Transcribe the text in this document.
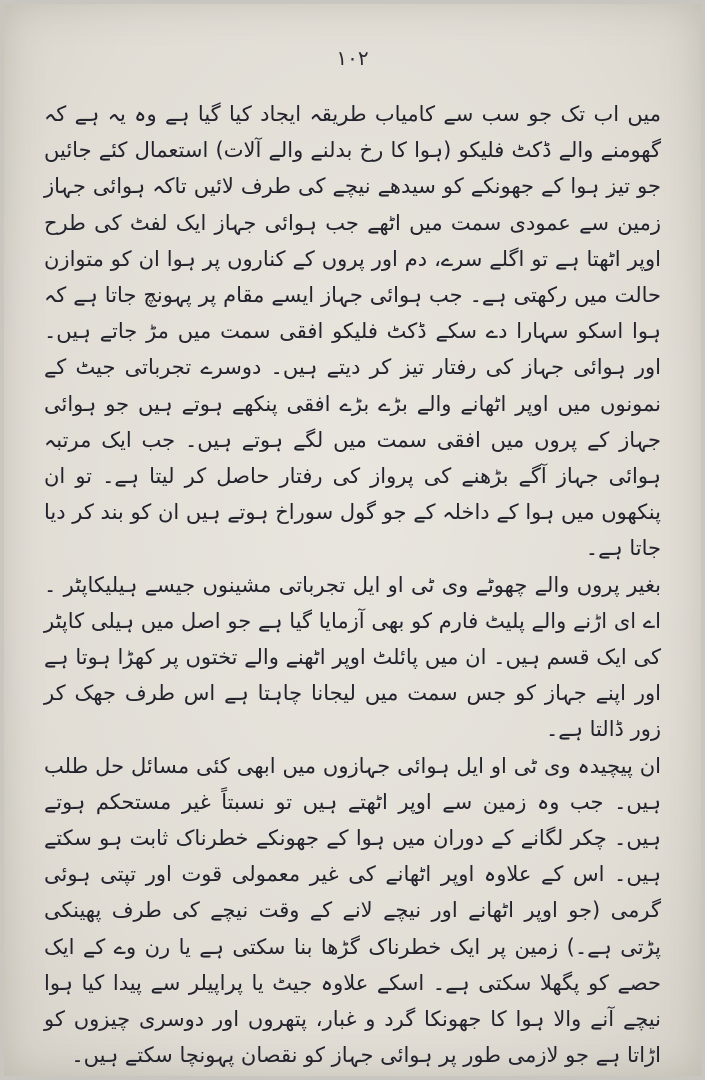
۱۰۲

میں اب تک جو سب سے کامیاب طریقہ ایجاد کیا گیا ہے وہ یہ ہے کہ گھومنے والے ڈکٹ فلیکو (ہوا کا رخ بدلنے والے آلات) استعمال کئے جائیں جو تیز ہوا کے جھونکے کو سیدھے نیچے کی طرف لائیں تاکہ ہوائی جہاز زمین سے عمودی سمت میں اٹھے جب ہوائی جہاز ایک لفٹ کی طرح اوپر اٹھتا ہے تو اگلے سرے، دم اور پروں کے کناروں پر ہوا ان کو متوازن حالت میں رکھتی ہے۔ جب ہوائی جہاز ایسے مقام پر پہونچ جاتا ہے کہ ہوا اسکو سہارا دے سکے ڈکٹ فلیکو افقی سمت میں مڑ جاتے ہیں۔ اور ہوائی جہاز کی رفتار تیز کر دیتے ہیں۔ دوسرے تجرباتی جیٹ کے نمونوں میں اوپر اٹھانے والے بڑے بڑے افقی پنکھے ہوتے ہیں جو ہوائی جہاز کے پروں میں افقی سمت میں لگے ہوتے ہیں۔ جب ایک مرتبہ ہوائی جہاز آگے بڑھنے کی پرواز کی رفتار حاصل کر لیتا ہے۔ تو ان پنکھوں میں ہوا کے داخلہ کے جو گول سوراخ ہوتے ہیں ان کو بند کر دیا جاتا ہے۔

بغیر پروں والے چھوٹے وی ٹی او ایل تجرباتی مشینوں جیسے ہیلیکاپٹر ۔ اے ای اڑنے والے پلیٹ فارم کو بھی آزمایا گیا ہے جو اصل میں ہیلی کاپٹر کی ایک قسم ہیں۔ ان میں پائلٹ اوپر اٹھنے والے تختوں پر کھڑا ہوتا ہے اور اپنے جہاز کو جس سمت میں لیجانا چاہتا ہے اس طرف جھک کر زور ڈالتا ہے۔

ان پیچیدہ وی ٹی او ایل ہوائی جہازوں میں ابھی کئی مسائل حل طلب ہیں۔ جب وہ زمین سے اوپر اٹھتے ہیں تو نسبتاً غیر مستحکم ہوتے ہیں۔ چکر لگانے کے دوران میں ہوا کے جھونکے خطرناک ثابت ہو سکتے ہیں۔ اس کے علاوہ اوپر اٹھانے کی غیر معمولی قوت اور تپتی ہوئی گرمی (جو اوپر اٹھانے اور نیچے لانے کے وقت نیچے کی طرف پھینکی پڑتی ہے۔) زمین پر ایک خطرناک گڑھا بنا سکتی ہے یا رن وے کے ایک حصے کو پگھلا سکتی ہے۔ اسکے علاوہ جیٹ یا پراپیلر سے پیدا کیا ہوا نیچے آنے والا ہوا کا جھونکا گرد و غبار، پتھروں اور دوسری چیزوں کو اڑاتا ہے جو لازمی طور پر ہوائی جہاز کو نقصان پہونچا سکتے ہیں۔
